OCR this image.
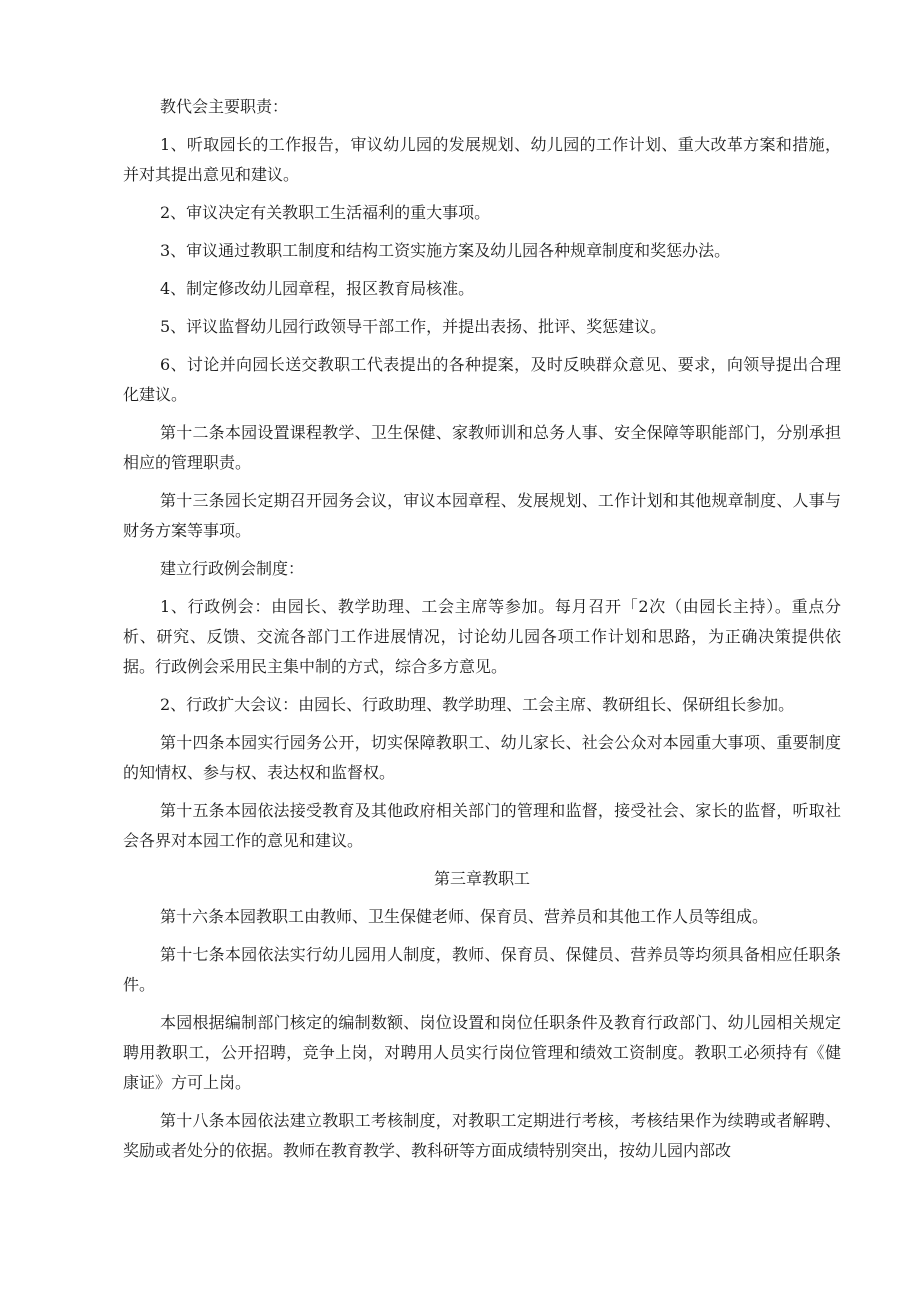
教代会主要职责：

1、听取园长的工作报告，审议幼儿园的发展规划、幼儿园的工作计划、重大改革方案和措施，并对其提出意见和建议。

2、审议决定有关教职工生活福利的重大事项。

3、审议通过教职工制度和结构工资实施方案及幼儿园各种规章制度和奖惩办法。

4、制定修改幼儿园章程，报区教育局核准。

5、评议监督幼儿园行政领导干部工作，并提出表扬、批评、奖惩建议。

6、讨论并向园长送交教职工代表提出的各种提案，及时反映群众意见、要求，向领导提出合理化建议。

第十二条本园设置课程教学、卫生保健、家教师训和总务人事、安全保障等职能部门，分别承担相应的管理职责。

第十三条园长定期召开园务会议，审议本园章程、发展规划、工作计划和其他规章制度、人事与财务方案等事项。

建立行政例会制度：

1、行政例会：由园长、教学助理、工会主席等参加。每月召开「2次（由园长主持）。重点分析、研究、反馈、交流各部门工作进展情况，讨论幼儿园各项工作计划和思路，为正确决策提供依据。行政例会采用民主集中制的方式，综合多方意见。

2、行政扩大会议：由园长、行政助理、教学助理、工会主席、教研组长、保研组长参加。

第十四条本园实行园务公开，切实保障教职工、幼儿家长、社会公众对本园重大事项、重要制度的知情权、参与权、表达权和监督权。

第十五条本园依法接受教育及其他政府相关部门的管理和监督，接受社会、家长的监督，听取社会各界对本园工作的意见和建议。

第三章教职工

第十六条本园教职工由教师、卫生保健老师、保育员、营养员和其他工作人员等组成。

第十七条本园依法实行幼儿园用人制度，教师、保育员、保健员、营养员等均须具备相应任职条件。

本园根据编制部门核定的编制数额、岗位设置和岗位任职条件及教育行政部门、幼儿园相关规定聘用教职工，公开招聘，竞争上岗，对聘用人员实行岗位管理和绩效工资制度。教职工必须持有《健康证》方可上岗。

第十八条本园依法建立教职工考核制度，对教职工定期进行考核，考核结果作为续聘或者解聘、奖励或者处分的依据。教师在教育教学、教科研等方面成绩特别突出，按幼儿园内部改
